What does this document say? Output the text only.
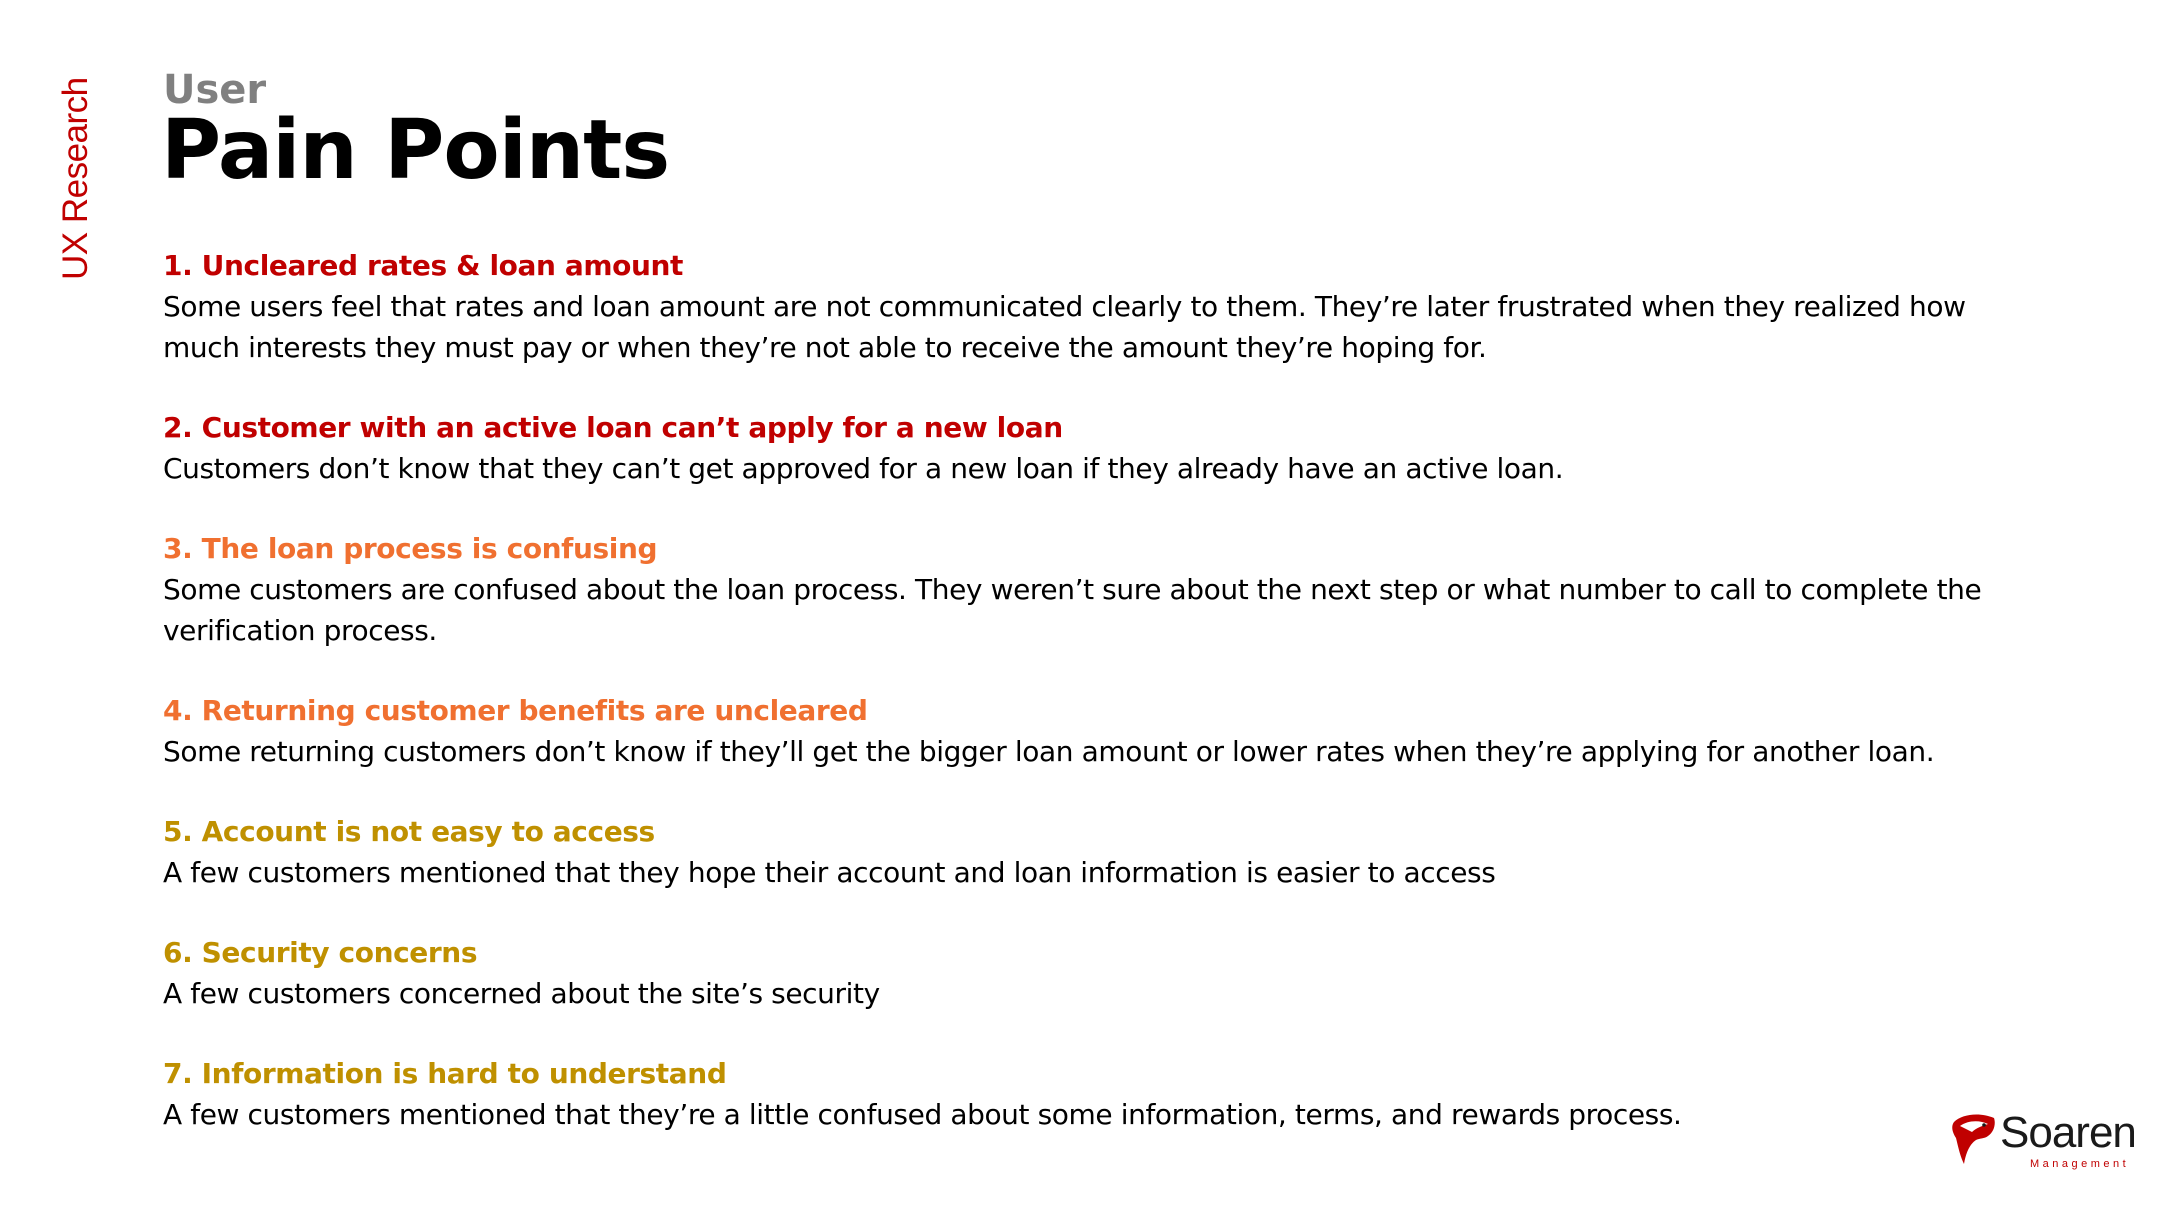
UX Research User
Pain Points
1. Uncleared rates & loan amount
Some users feel that rates and loan amount are not communicated clearly to them. They’re later frustrated when they realized how much interests they must pay or when they’re not able to receive the amount they’re hoping for.
2. Customer with an active loan can’t apply for a new loan
Customers don’t know that they can’t get approved for a new loan if they already have an active loan.
3. The loan process is confusing
Some customers are confused about the loan process. They weren’t sure about the next step or what number to call to complete the verification process.
4. Returning customer benefits are uncleared
Some returning customers don’t know if they’ll get the bigger loan amount or lower rates when they’re applying for another loan.
5. Account is not easy to access
A few customers mentioned that they hope their account and loan information is easier to access
6. Security concerns
A few customers concerned about the site’s security
7. Information is hard to understand
A few customers mentioned that they’re a little confused about some information, terms, and rewards process.	Soaren
Management
